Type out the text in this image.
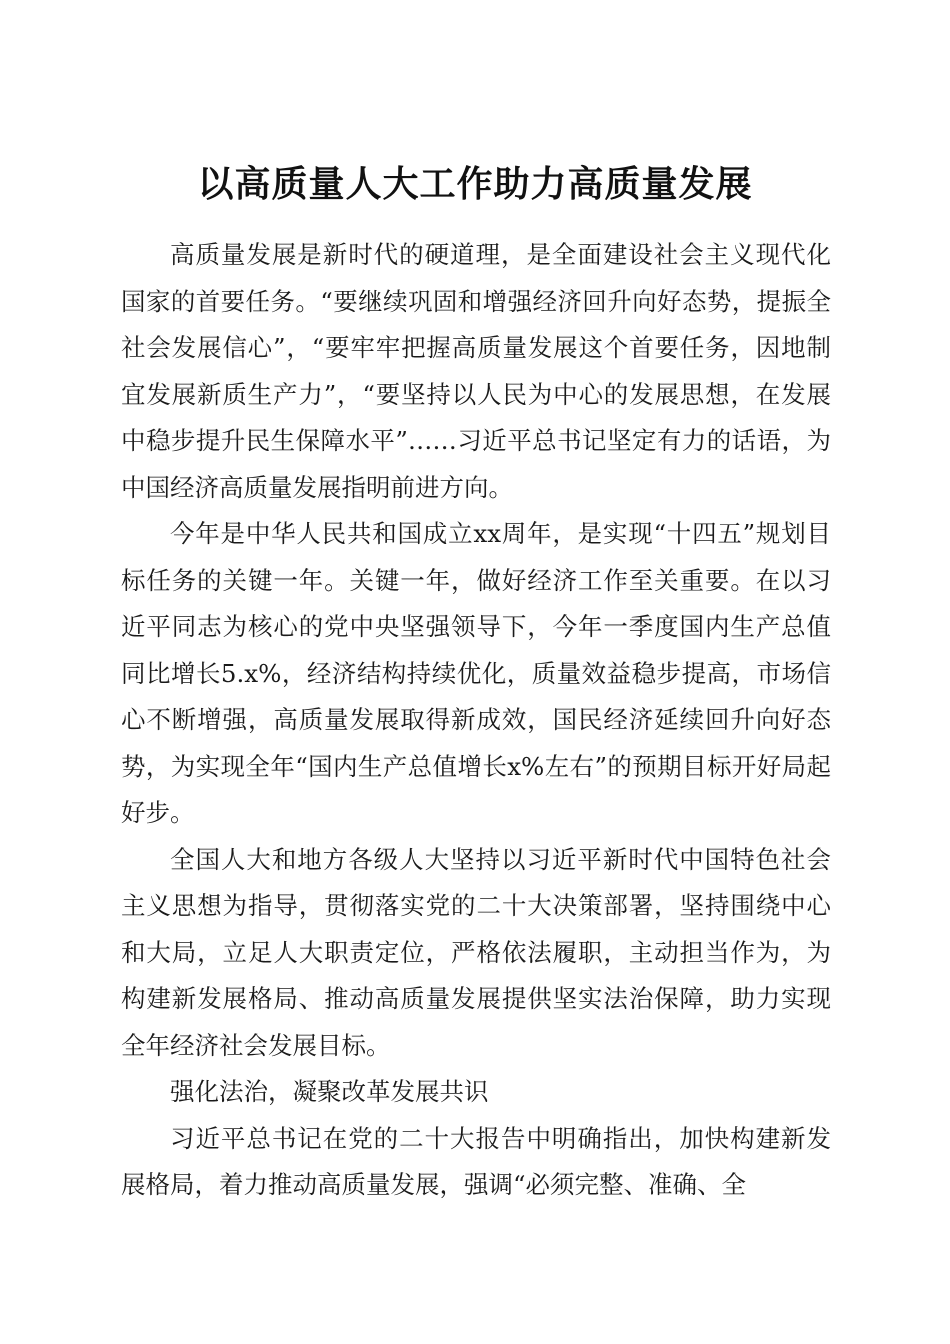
以高质量人大工作助力高质量发展

高质量发展是新时代的硬道理，是全面建设社会主义现代化国家的首要任务。“要继续巩固和增强经济回升向好态势，提振全社会发展信心”，“要牢牢把握高质量发展这个首要任务，因地制宜发展新质生产力”，“要坚持以人民为中心的发展思想，在发展中稳步提升民生保障水平”……习近平总书记坚定有力的话语，为中国经济高质量发展指明前进方向。

今年是中华人民共和国成立xx周年，是实现“十四五”规划目标任务的关键一年。关键一年，做好经济工作至关重要。在以习近平同志为核心的党中央坚强领导下，今年一季度国内生产总值同比增长5.x%，经济结构持续优化，质量效益稳步提高，市场信心不断增强，高质量发展取得新成效，国民经济延续回升向好态势，为实现全年“国内生产总值增长x%左右”的预期目标开好局起好步。

全国人大和地方各级人大坚持以习近平新时代中国特色社会主义思想为指导，贯彻落实党的二十大决策部署，坚持围绕中心和大局，立足人大职责定位，严格依法履职，主动担当作为，为构建新发展格局、推动高质量发展提供坚实法治保障，助力实现全年经济社会发展目标。

强化法治，凝聚改革发展共识

习近平总书记在党的二十大报告中明确指出，加快构建新发展格局，着力推动高质量发展，强调“必须完整、准确、全
